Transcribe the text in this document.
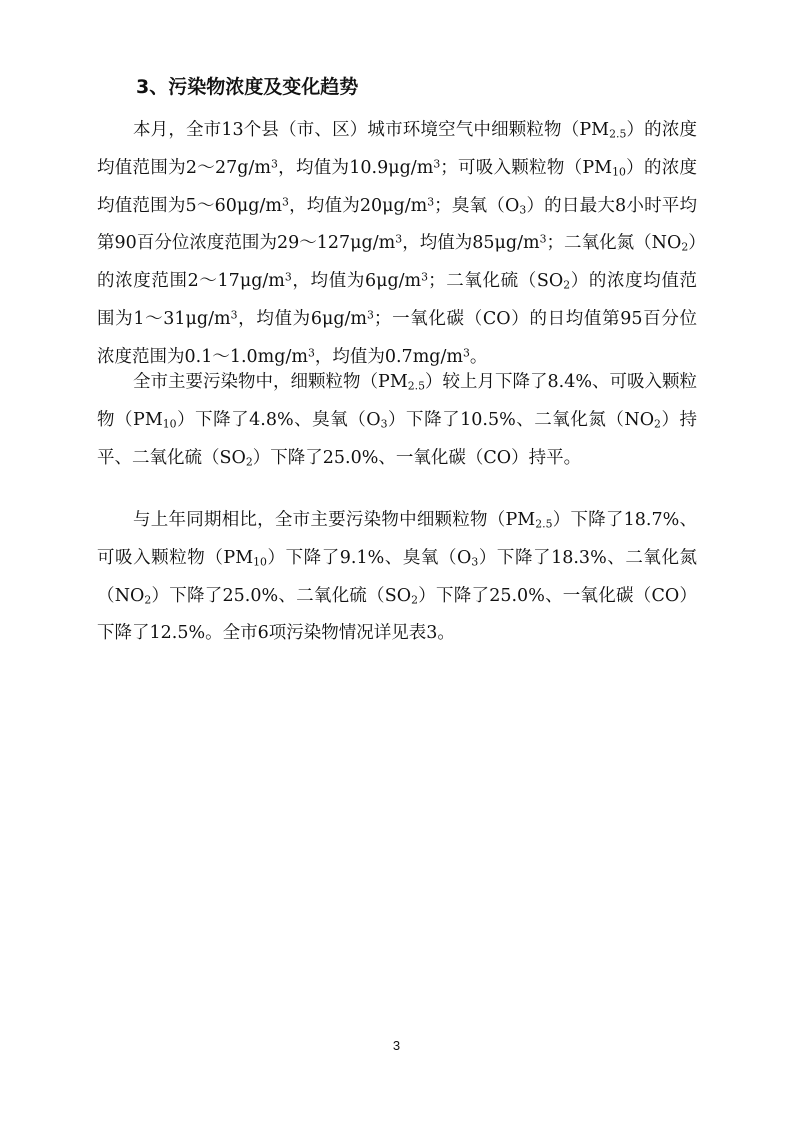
3、污染物浓度及变化趋势

本月，全市13个县（市、区）城市环境空气中细颗粒物$(PM_{2.5})$的浓度均值范围为$2\sim 27g/m^3$，均值为$10.9\mu g/m^3$；可吸入颗粒物$(PM_{10})$的浓度均值范围为$5\sim 60\mu g/m^3$，均值为$20\mu g/m^3$；臭氧$(O_3)$的日最大8小时平均第90百分位浓度范围为$29\sim 127\mu g/m^3$，均值为$85\mu g/m^3$；二氧化氮$(NO_2)$的浓度范围$2\sim 17\mu g/m^3$，均值为$6\mu g/m^3$；二氧化硫$(SO_2)$的浓度均值范围为$1\sim 31\mu g/m^3$，均值为$6\mu g/m^3$；一氧化碳（CO）的日均值第95百分位浓度范围为$0.1\sim 1.0mg/m^3$，均值为$0.7mg/m^3$。

全市主要污染物中，细颗粒物$(PM_{2.5})$较上月下降了8.4%、可吸入颗粒物$(PM_{10})$下降了4.8%、臭氧$(O_3)$下降了10.5%、二氧化氮$(NO_2)$持平、二氧化硫$(SO_2)$下降了25.0%、一氧化碳（CO）持平。

与上年同期相比，全市主要污染物中细颗粒物$(PM_{2.5})$下降了18.7%、可吸入颗粒物$(PM_{10})$下降了9.1%、臭氧$(O_3)$下降了18.3%、二氧化氮$(NO_2)$下降了25.0%、二氧化硫$(SO_2)$下降了25.0%、一氧化碳（CO）下降了12.5%。全市6项污染物情况详见表3。

3
